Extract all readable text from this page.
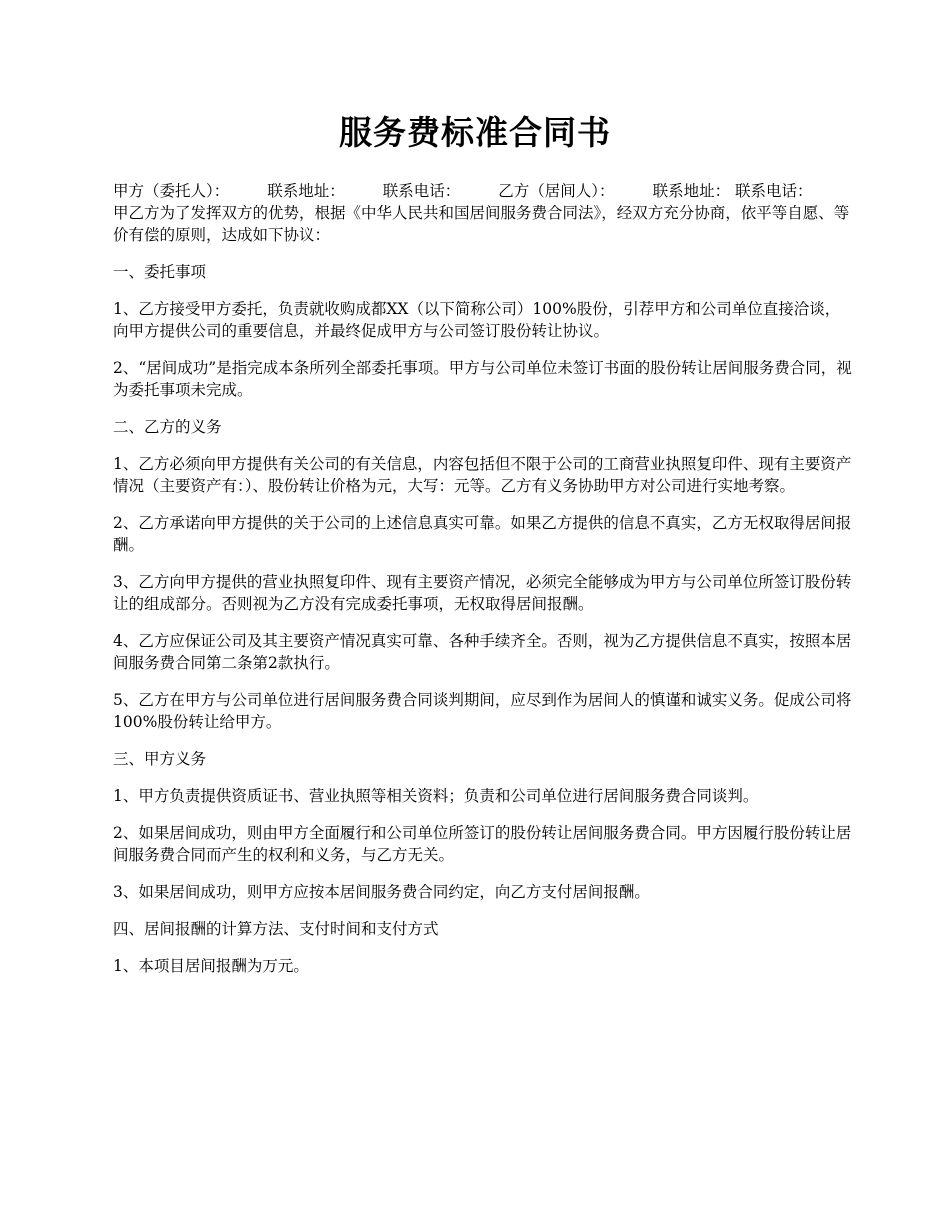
服务费标准合同书

甲方（委托人）： 联系地址： 联系电话： 乙方（居间人）： 联系地址： 联系电话：甲乙方为了发挥双方的优势，根据《中华人民共和国居间服务费合同法》，经双方充分协商，依平等自愿、等价有偿的原则，达成如下协议：

一、委托事项

1、乙方接受甲方委托，负责就收购成都XX（以下简称公司）100%股份，引荐甲方和公司单位直接洽谈，向甲方提供公司的重要信息，并最终促成甲方与公司签订股份转让协议。

2、“居间成功”是指完成本条所列全部委托事项。甲方与公司单位未签订书面的股份转让居间服务费合同，视为委托事项未完成。

二、乙方的义务

1、乙方必须向甲方提供有关公司的有关信息，内容包括但不限于公司的工商营业执照复印件、现有主要资产情况（主要资产有：）、股份转让价格为元，大写：元等。乙方有义务协助甲方对公司进行实地考察。

2、乙方承诺向甲方提供的关于公司的上述信息真实可靠。如果乙方提供的信息不真实，乙方无权取得居间报酬。

3、乙方向甲方提供的营业执照复印件、现有主要资产情况，必须完全能够成为甲方与公司单位所签订股份转让的组成部分。否则视为乙方没有完成委托事项，无权取得居间报酬。

4、乙方应保证公司及其主要资产情况真实可靠、各种手续齐全。否则，视为乙方提供信息不真实，按照本居间服务费合同第二条第2款执行。

5、乙方在甲方与公司单位进行居间服务费合同谈判期间，应尽到作为居间人的慎谨和诚实义务。促成公司将100%股份转让给甲方。

三、甲方义务

1、甲方负责提供资质证书、营业执照等相关资料；负责和公司单位进行居间服务费合同谈判。

2、如果居间成功，则由甲方全面履行和公司单位所签订的股份转让居间服务费合同。甲方因履行股份转让居间服务费合同而产生的权利和义务，与乙方无关。

3、如果居间成功，则甲方应按本居间服务费合同约定，向乙方支付居间报酬。

四、居间报酬的计算方法、支付时间和支付方式

1、本项目居间报酬为万元。
